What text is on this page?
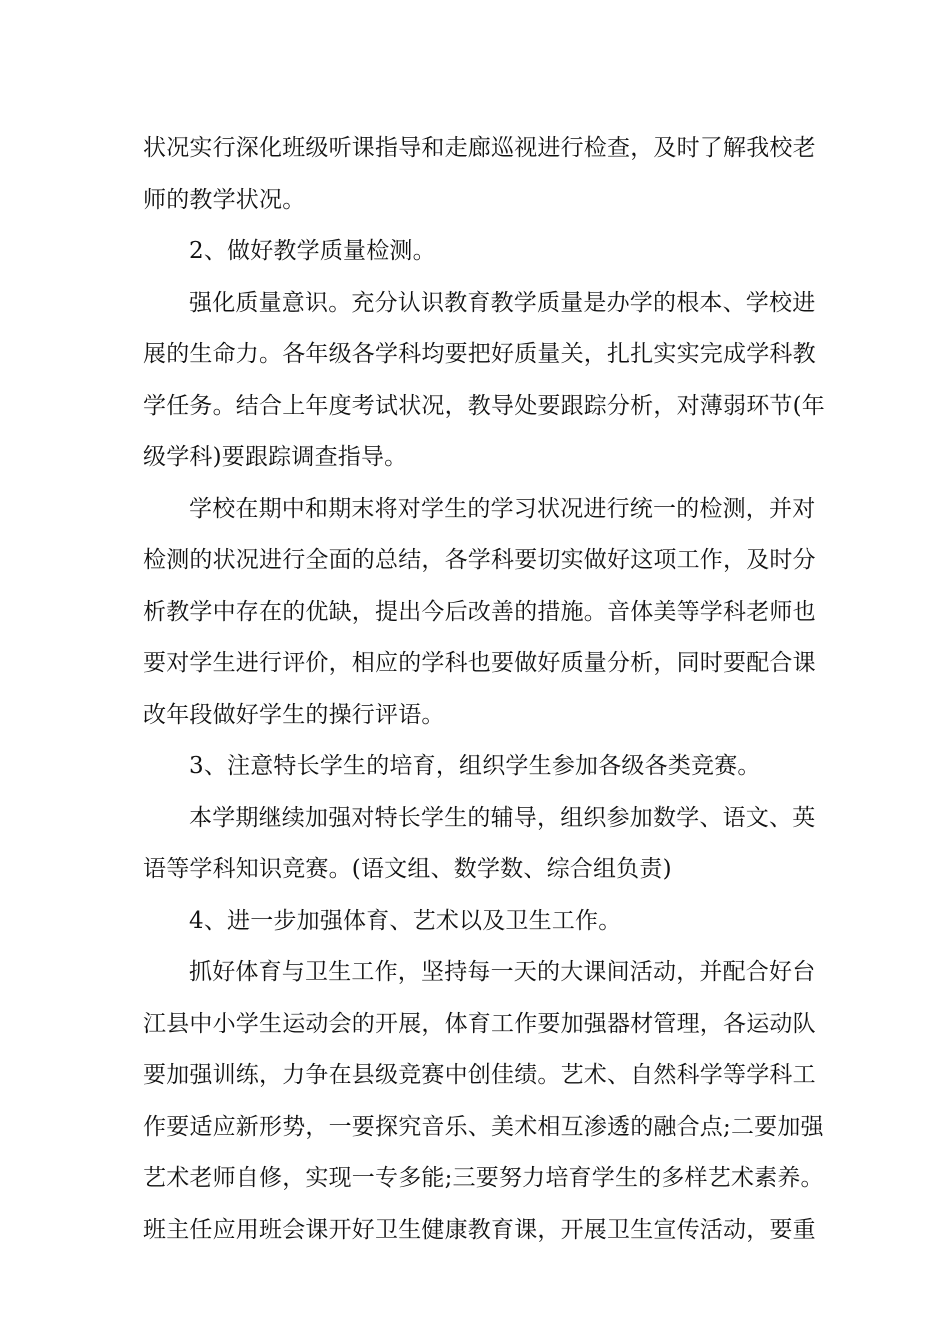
状况实行深化班级听课指导和走廊巡视进行检查，及时了解我校老
师的教学状况。
2、做好教学质量检测。
强化质量意识。充分认识教育教学质量是办学的根本、学校进
展的生命力。各年级各学科均要把好质量关，扎扎实实完成学科教
学任务。结合上年度考试状况，教导处要跟踪分析，对薄弱环节(年
级学科)要跟踪调查指导。
学校在期中和期末将对学生的学习状况进行统一的检测，并对
检测的状况进行全面的总结，各学科要切实做好这项工作，及时分
析教学中存在的优缺，提出今后改善的措施。音体美等学科老师也
要对学生进行评价，相应的学科也要做好质量分析，同时要配合课
改年段做好学生的操行评语。
3、注意特长学生的培育，组织学生参加各级各类竞赛。
本学期继续加强对特长学生的辅导，组织参加数学、语文、英
语等学科知识竞赛。(语文组、数学数、综合组负责)
4、进一步加强体育、艺术以及卫生工作。
抓好体育与卫生工作，坚持每一天的大课间活动，并配合好台
江县中小学生运动会的开展，体育工作要加强器材管理，各运动队
要加强训练，力争在县级竞赛中创佳绩。艺术、自然科学等学科工
作要适应新形势，一要探究音乐、美术相互渗透的融合点;二要加强
艺术老师自修，实现一专多能;三要努力培育学生的多样艺术素养。
班主任应用班会课开好卫生健康教育课，开展卫生宣传活动，要重
